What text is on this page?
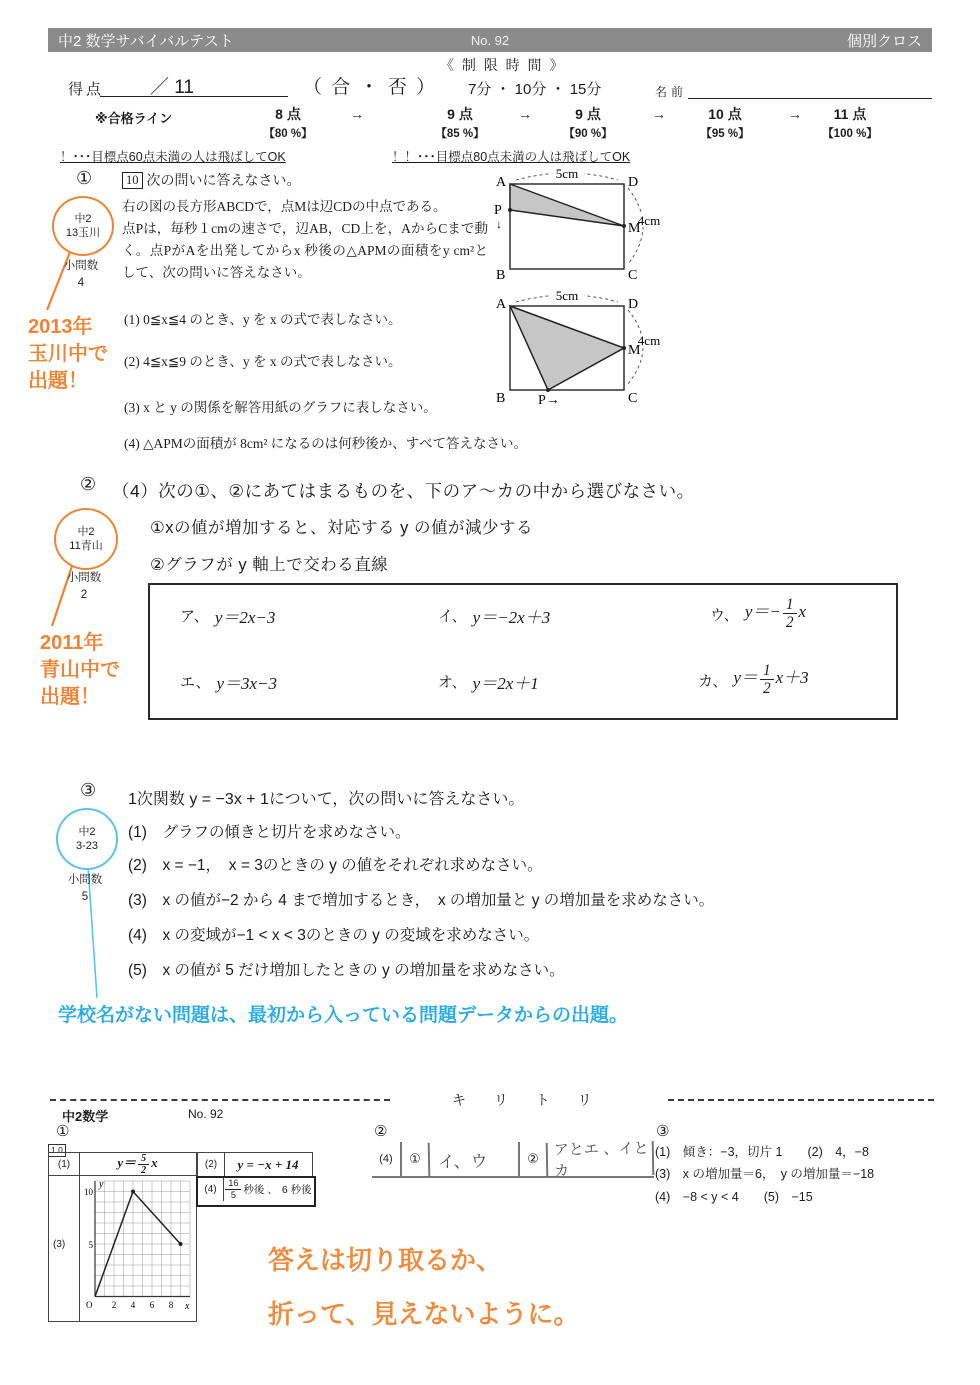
中2 数学サバイバルテスト	No. 92	個別クロス
《 制 限 時 間 》
得点 ／ 11	（ 合 ・ 否 ） 7分 ・ 10分 ・ 15分	名前
※合格ライン	8 点
【80 %】
→	9 点
【85 %】
→	9 点
【90 %】
→	10 点
【95 %】
→	11 点
【100 %】
！･･･目標点60点未満の人は飛ばしてOK	！！･･･目標点80点未満の人は飛ばしてOK
①	10 次の問いに答えなさい。
右の図の長方形ABCDで，点Mは辺CDの中点である。
点Pは，毎秒１cmの速さで，辺AB，CD上を，AからCまで動く。点PがAを出発してからx 秒後の△APMの面積をy cm²として、次の問いに答えなさい。
中2
13玉川
小問数
4
2013年
玉川中で
出題！
(1) 0≦x≦4 のとき、y を x の式で表しなさい。
(2) 4≦x≦9 のとき、y を x の式で表しなさい。
(3) x と y の関係を解答用紙のグラフに表しなさい。
(4) △APMの面積が 8cm² になるのは何秒後か、すべて答えなさい。
5cm
4cm
A	D
B	C
P
↓	M
5cm
4cm
A	D
B	C
P→
M
② （4）次の①、②にあてはまるものを、下のア～カの中から選びなさい。
①xの値が増加すると、対応する y の値が減少する
②グラフが y 軸上で交わる直線
中2
11青山
小問数
2
2011年
青山中で
出題！
ア、 y＝2x−3	イ、 y＝−2x＋3	ウ、 $y=- \frac{1}{2}$ x
エ、 y＝3x−3	オ、 y＝2x＋1	カ、 $y= \frac{1}{2} x+3$
③ 1次関数 y = −3x + 1について，次の問いに答えなさい。
(1)　グラフの傾きと切片を求めなさい。
(2)　x = −1，　x = 3のときの y の値をそれぞれ求めなさい。
(3)　x の値が−2 から 4 まで増加するとき，　x の増加量と y の増加量を求めなさい。
(4)　x の変域が−1 < x < 3のときの y の変域を求めなさい。
(5)　x の値が 5 だけ増加したときの y の増加量を求めなさい。
中2
3-23
小問数
5
学校名がない問題は、最初から入っている問題データからの出題。
キ リ ト リ
中2数学	No. 92
①
1 0
(1)	$y= \frac{5}{2}$ x
(3)
10
5
2 4 6 8
y
x
O
(2)	y = −x + 14
$(4) \frac{16}{5}$ 秒後 、 6 秒後
②
(4)	①	イ、ウ	② アとエ 、イとカ
③
(1)　傾き：−3，切片 1　　(2)　4，−8
(3)　x の増加量＝6，　y の増加量＝−18
(4)　−8 < y < 4　　(5)　−15
答えは切り取るか、
折って、見えないように。
